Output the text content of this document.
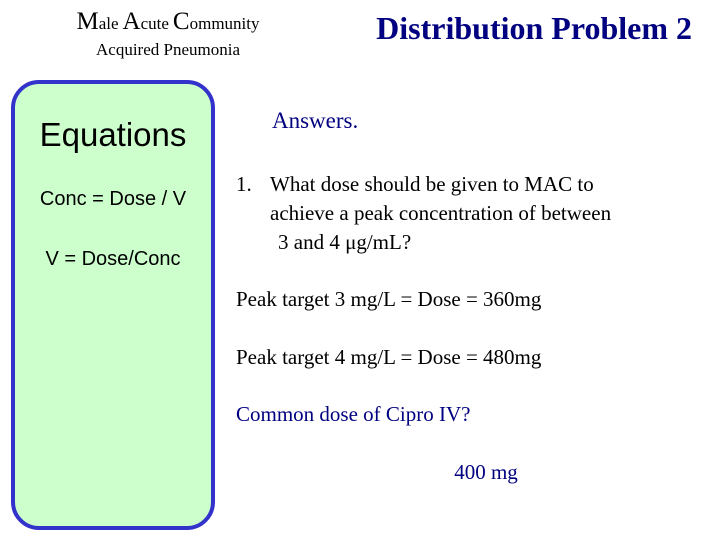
Male Acute Community
Acquired Pneumonia
Distribution Problem 2
Equations
Conc = Dose / V
V = Dose/Conc
Answers.
1. What dose should be given to MAC to
achieve a peak concentration of between
3 and 4 μg/mL?
Peak target 3 mg/L = Dose = 360mg
Peak target 4 mg/L = Dose = 480mg
Common dose of Cipro IV?
400 mg
